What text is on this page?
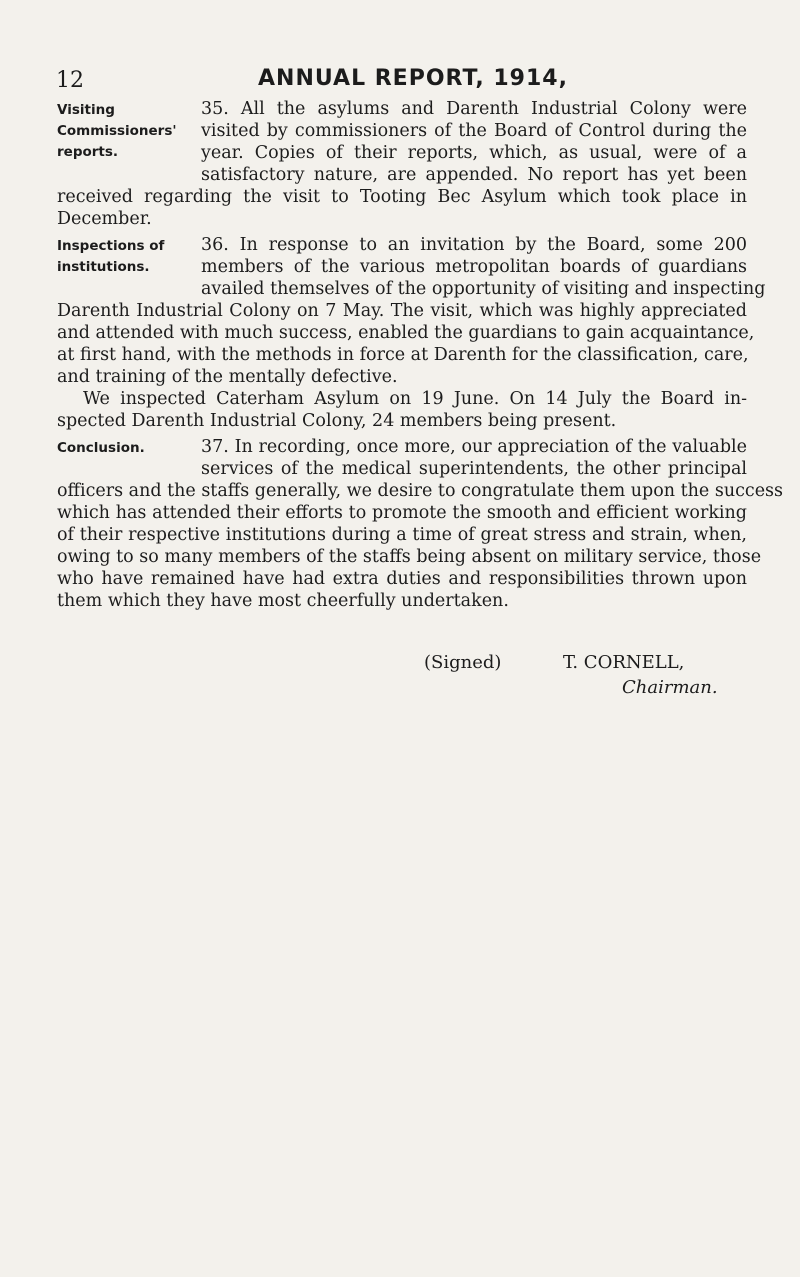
12	ANNUAL REPORT, 1914,
Visiting
Commissioners'
reports.
35. All the asylums and Darenth Industrial Colony were
visited by commissioners of the Board of Control during the
year. Copies of their reports, which, as usual, were of a
satisfactory nature, are appended. No report has yet been
received regarding the visit to Tooting Bec Asylum which took place in
December.
Inspections of
institutions.
36. In response to an invitation by the Board, some 200
members of the various metropolitan boards of guardians
availed themselves of the opportunity of visiting and inspecting
Darenth Industrial Colony on 7 May. The visit, which was highly appreciated
and attended with much success, enabled the guardians to gain acquaintance,
at first hand, with the methods in force at Darenth for the classification, care,
and training of the mentally defective.
We inspected Caterham Asylum on 19 June. On 14 July the Board in-
spected Darenth Industrial Colony, 24 members being present.
Conclusion.	37. In recording, once more, our appreciation of the valuable
services of the medical superintendents, the other principal
officers and the staffs generally, we desire to congratulate them upon the success
which has attended their efforts to promote the smooth and efficient working
of their respective institutions during a time of great stress and strain, when,
owing to so many members of the staffs being absent on military service, those
who have remained have had extra duties and responsibilities thrown upon
them which they have most cheerfully undertaken.
(Signed)	T. CORNELL,
Chairman.
